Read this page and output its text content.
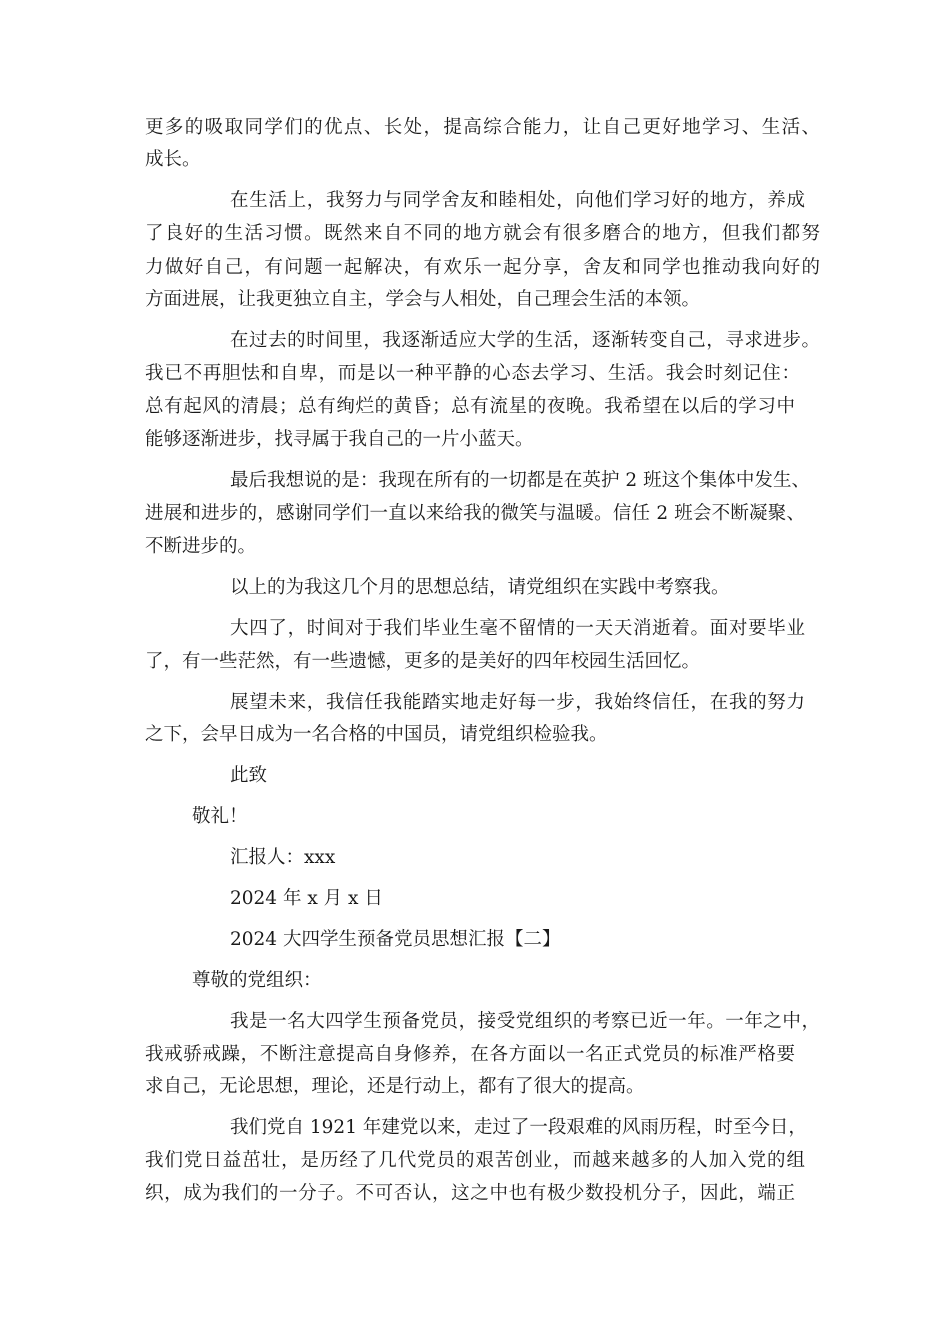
更多的吸取同学们的优点、长处，提高综合能力，让自己更好地学习、生活、
成长。
在生活上，我努力与同学舍友和睦相处，向他们学习好的地方，养成
了良好的生活习惯。既然来自不同的地方就会有很多磨合的地方，但我们都努
力做好自己，有问题一起解决，有欢乐一起分享，舍友和同学也推动我向好的
方面进展，让我更独立自主，学会与人相处，自己理会生活的本领。
在过去的时间里，我逐渐适应大学的生活，逐渐转变自己，寻求进步。
我已不再胆怯和自卑，而是以一种平静的心态去学习、生活。我会时刻记住：
总有起风的清晨；总有绚烂的黄昏；总有流星的夜晚。我希望在以后的学习中
能够逐渐进步，找寻属于我自己的一片小蓝天。
最后我想说的是：我现在所有的一切都是在英护 2 班这个集体中发生、
进展和进步的，感谢同学们一直以来给我的微笑与温暖。信任 2 班会不断凝聚、
不断进步的。
以上的为我这几个月的思想总结，请党组织在实践中考察我。
大四了，时间对于我们毕业生毫不留情的一天天消逝着。面对要毕业
了，有一些茫然，有一些遗憾，更多的是美好的四年校园生活回忆。
展望未来，我信任我能踏实地走好每一步，我始终信任，在我的努力
之下，会早日成为一名合格的中国员，请党组织检验我。
此致
敬礼！
汇报人：xxx
2024 年 x 月 x 日
2024 大四学生预备党员思想汇报【二】
尊敬的党组织：
我是一名大四学生预备党员，接受党组织的考察已近一年。一年之中，
我戒骄戒躁，不断注意提高自身修养，在各方面以一名正式党员的标准严格要
求自己，无论思想，理论，还是行动上，都有了很大的提高。
我们党自 1921 年建党以来，走过了一段艰难的风雨历程，时至今日，
我们党日益茁壮，是历经了几代党员的艰苦创业，而越来越多的人加入党的组
织，成为我们的一分子。不可否认，这之中也有极少数投机分子，因此，端正
